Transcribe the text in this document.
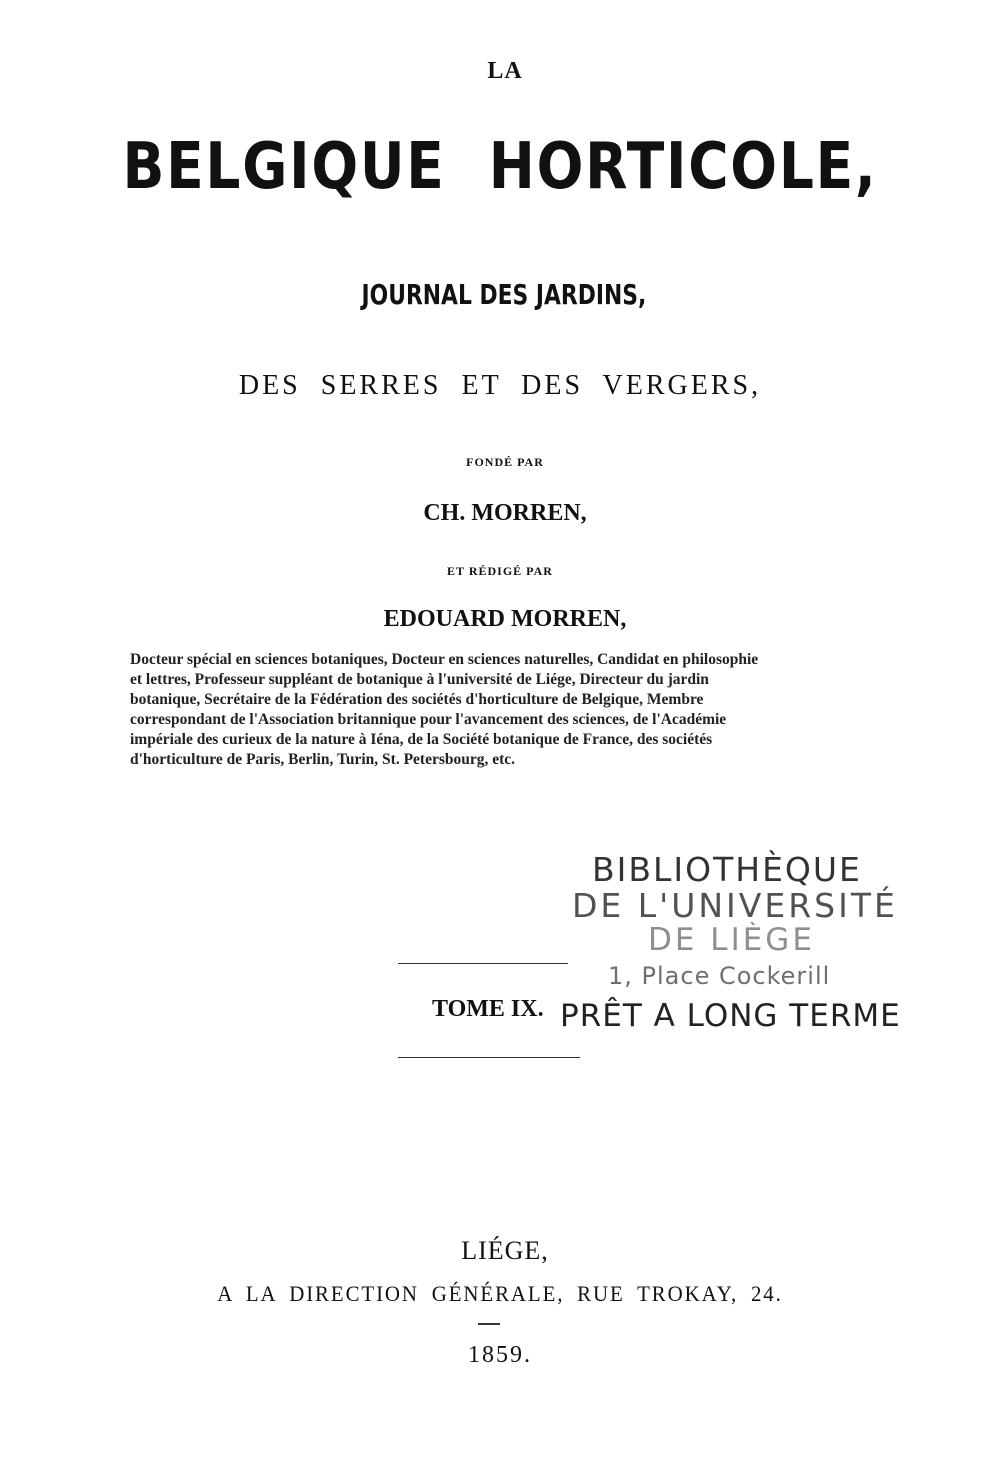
LA
BELGIQUE HORTICOLE,
JOURNAL DES JARDINS,
DES SERRES ET DES VERGERS,
FONDÉ PAR
CH. MORREN,
ET RÉDIGÉ PAR
EDOUARD MORREN,
Docteur spécial en sciences botaniques, Docteur en sciences naturelles, Candidat en philosophie
et lettres, Professeur suppléant de botanique à l'université de Liége, Directeur du jardin
botanique, Secrétaire de la Fédération des sociétés d'horticulture de Belgique, Membre
correspondant de l'Association britannique pour l'avancement des sciences, de l'Académie
impériale des curieux de la nature à Iéna, de la Société botanique de France, des sociétés
d'horticulture de Paris, Berlin, Turin, St. Petersbourg, etc.
BIBLIOTHÈQUE
DE L'UNIVERSITÉ
DE LIÈGE
1, Place Cockerill
PRÊT A LONG TERME
TOME IX.
LIÉGE,
A LA DIRECTION GÉNÉRALE, RUE TROKAY, 24.
1859.
